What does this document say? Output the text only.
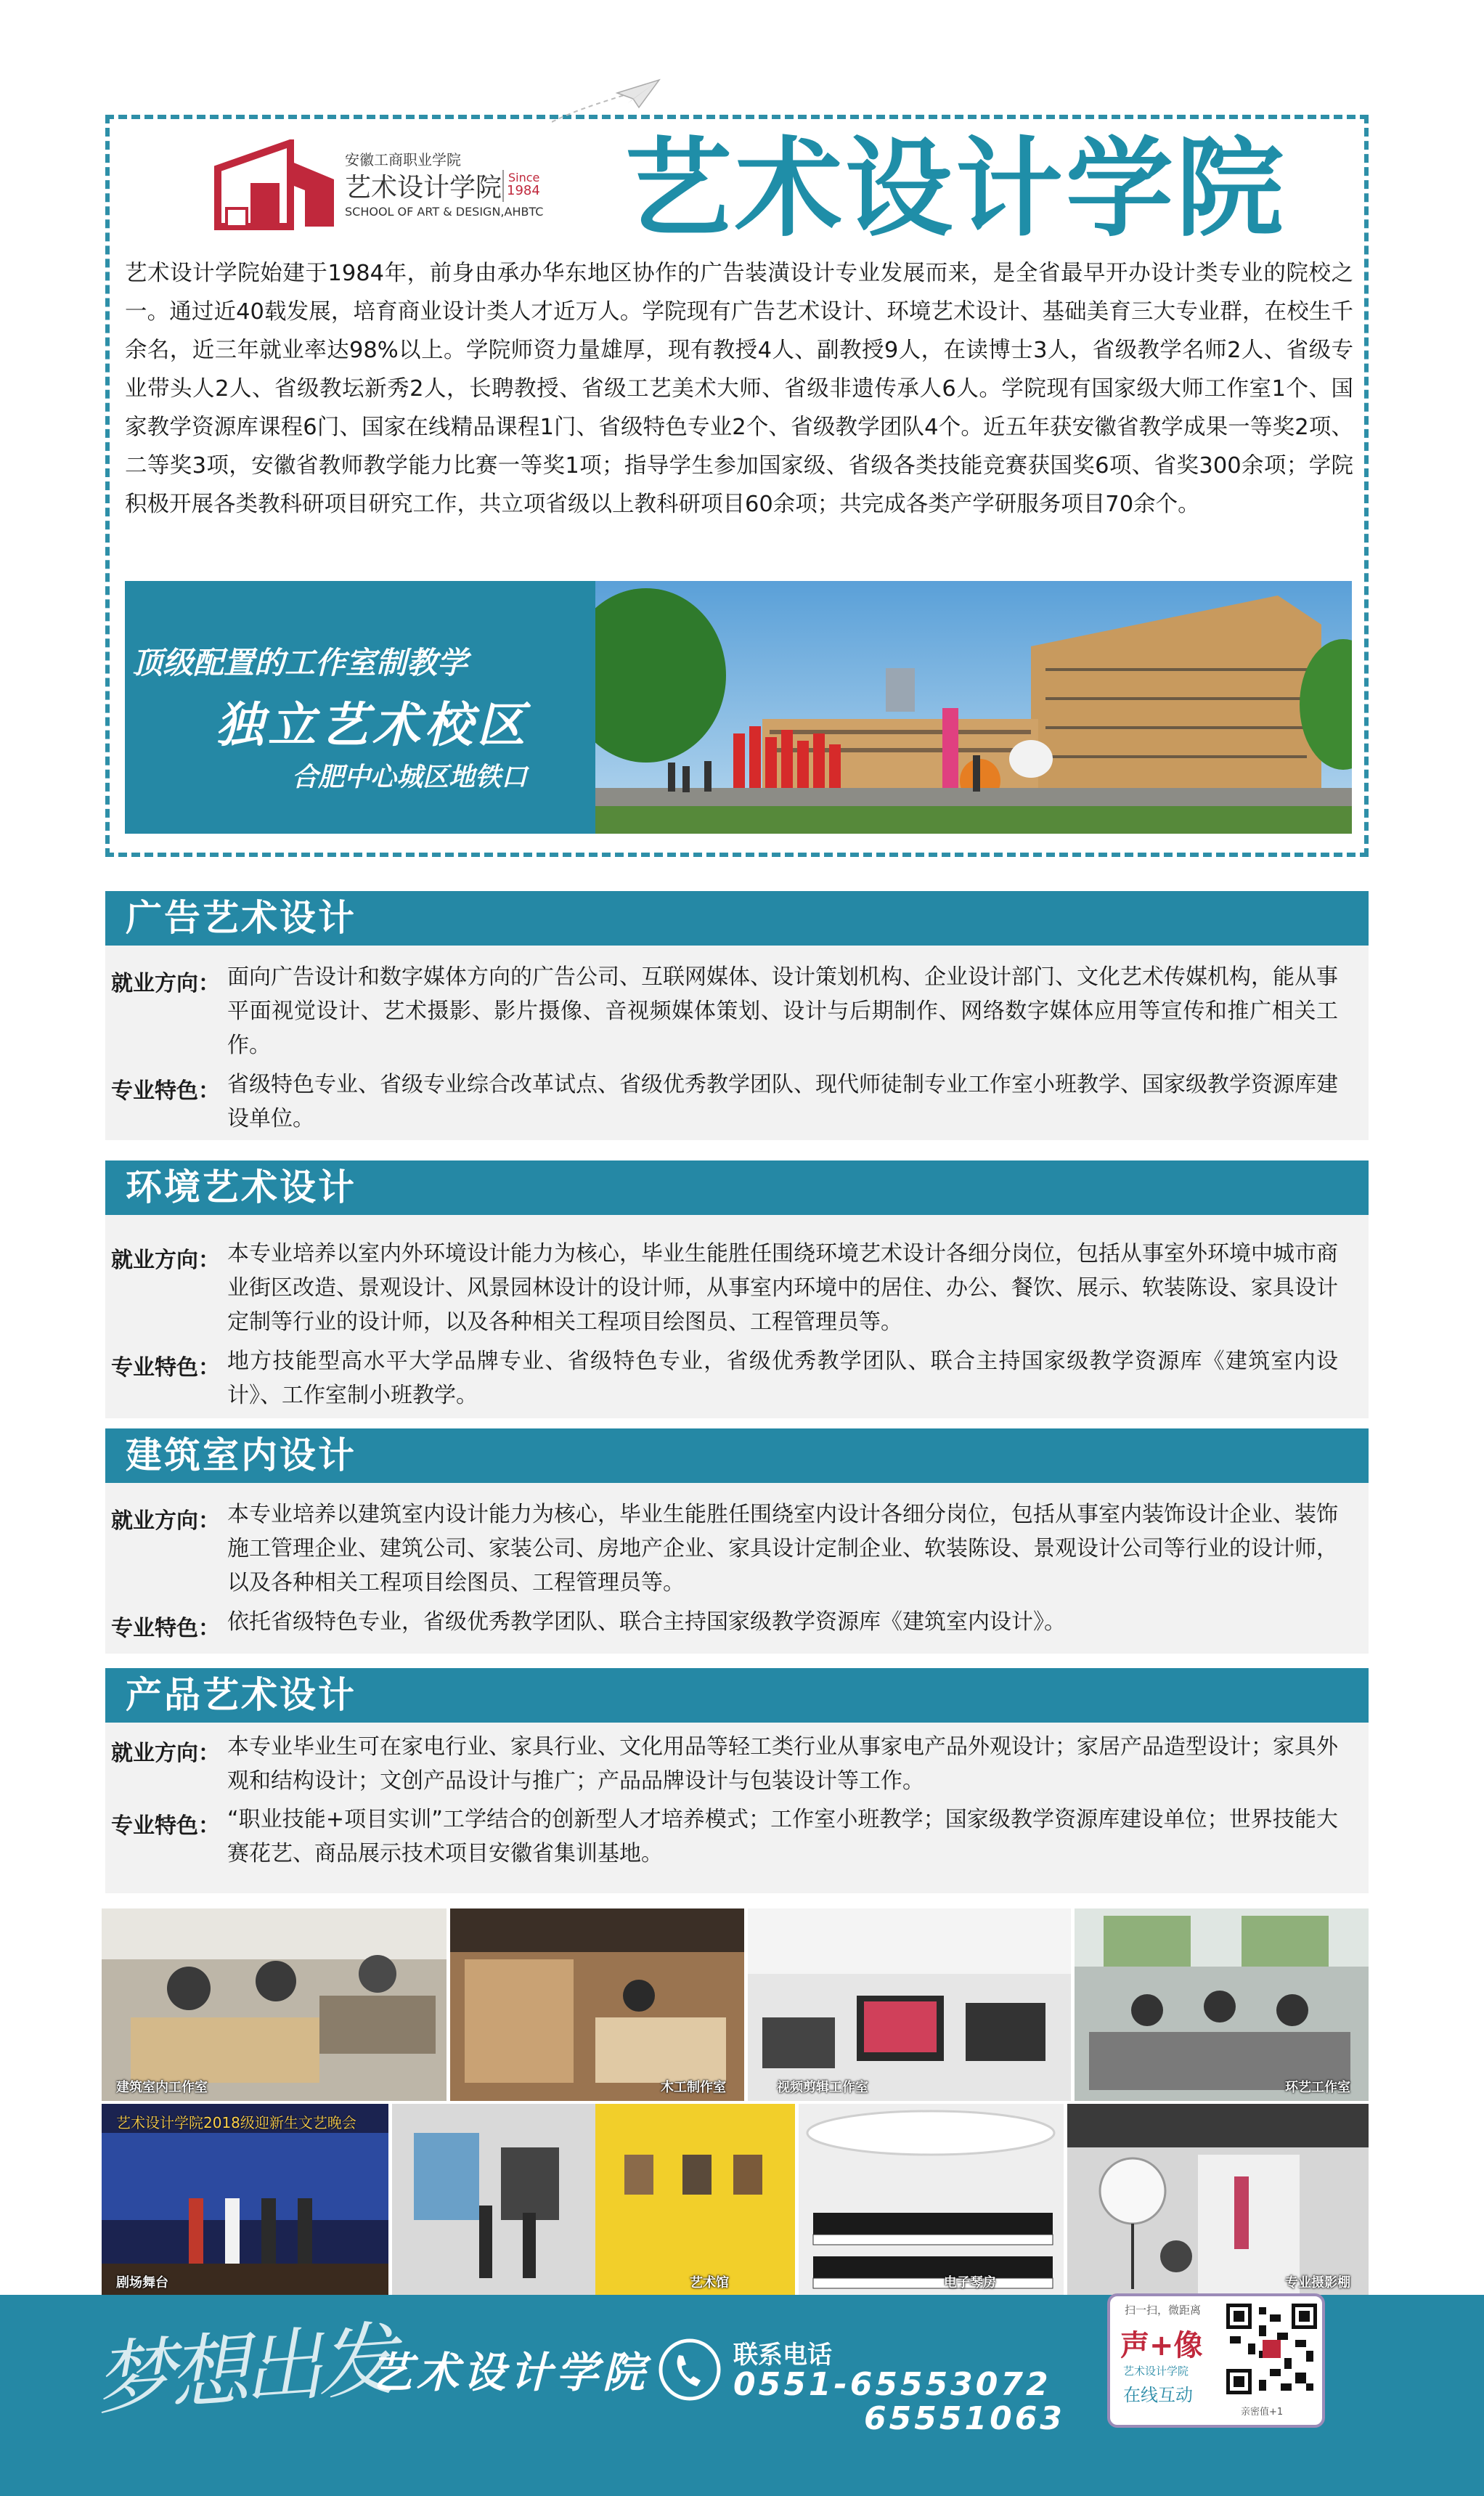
安徽工商职业学院
艺术设计学院 Since
1984
SCHOOL OF ART & DESIGN,AHBTC 艺术设计学院

艺术设计学院始建于1984年，前身由承办华东地区协作的广告装潢设计专业发展而来，是全省最早开办设计类专业的院校之一。通过近40载发展，培育商业设计类人才近万人。学院现有广告艺术设计、环境艺术设计、基础美育三大专业群，在校生千余名，近三年就业率达98%以上。学院师资力量雄厚，现有教授4人、副教授9人，在读博士3人，省级教学名师2人、省级专业带头人2人、省级教坛新秀2人，长聘教授、省级工艺美术大师、省级非遗传承人6人。学院现有国家级大师工作室1个、国家教学资源库课程6门、国家在线精品课程1门、省级特色专业2个、省级教学团队4个。近五年获安徽省教学成果一等奖2项、二等奖3项，安徽省教师教学能力比赛一等奖1项；指导学生参加国家级、省级各类技能竞赛获国奖6项、省奖300余项；学院积极开展各类教科研项目研究工作，共立项省级以上教科研项目60余项；共完成各类产学研服务项目70余个。

顶级配置的工作室制教学
独立艺术校区
合肥中心城区地铁口
广告艺术设计
就业方向： 面向广告设计和数字媒体方向的广告公司、互联网媒体、设计策划机构、企业设计部门、文化艺术传媒机构，能从事平面视觉设计、艺术摄影、影片摄像、音视频媒体策划、设计与后期制作、网络数字媒体应用等宣传和推广相关工作。

专业特色： 省级特色专业、省级专业综合改革试点、省级优秀教学团队、现代师徒制专业工作室小班教学、国家级教学资源库建设单位。

环境艺术设计
就业方向： 本专业培养以室内外环境设计能力为核心，毕业生能胜任围绕环境艺术设计各细分岗位，包括从事室外环境中城市商业街区改造、景观设计、风景园林设计的设计师，从事室内环境中的居住、办公、餐饮、展示、软装陈设、家具设计定制等行业的设计师，以及各种相关工程项目绘图员、工程管理员等。

专业特色： 地方技能型高水平大学品牌专业、省级特色专业，省级优秀教学团队、联合主持国家级教学资源库《建筑室内设计》、工作室制小班教学。

建筑室内设计
就业方向： 本专业培养以建筑室内设计能力为核心，毕业生能胜任围绕室内设计各细分岗位，包括从事室内装饰设计企业、装饰施工管理企业、建筑公司、家装公司、房地产企业、家具设计定制企业、软装陈设、景观设计公司等行业的设计师，以及各种相关工程项目绘图员、工程管理员等。

专业特色： 依托省级特色专业，省级优秀教学团队、联合主持国家级教学资源库《建筑室内设计》。

产品艺术设计
就业方向： 本专业毕业生可在家电行业、家具行业、文化用品等轻工类行业从事家电产品外观设计；家居产品造型设计；家具外观和结构设计；文创产品设计与推广；产品品牌设计与包装设计等工作。

专业特色： “职业技能+项目实训”工学结合的创新型人才培养模式；工作室小班教学；国家级教学资源库建设单位；世界技能大赛花艺、商品展示技术项目安徽省集训基地。

建筑室内工作室	木工制作室	视频剪辑工作室	环艺工作室
艺术设计学院2018级迎新生文艺晚会
剧场舞台	艺术馆	电子琴房	专业摄影棚
梦想出发
艺术设计学院	联系电话
0551-65553072
65551063
扫一扫，微距离
声+像
艺术设计学院
在线互动
亲密值+1
